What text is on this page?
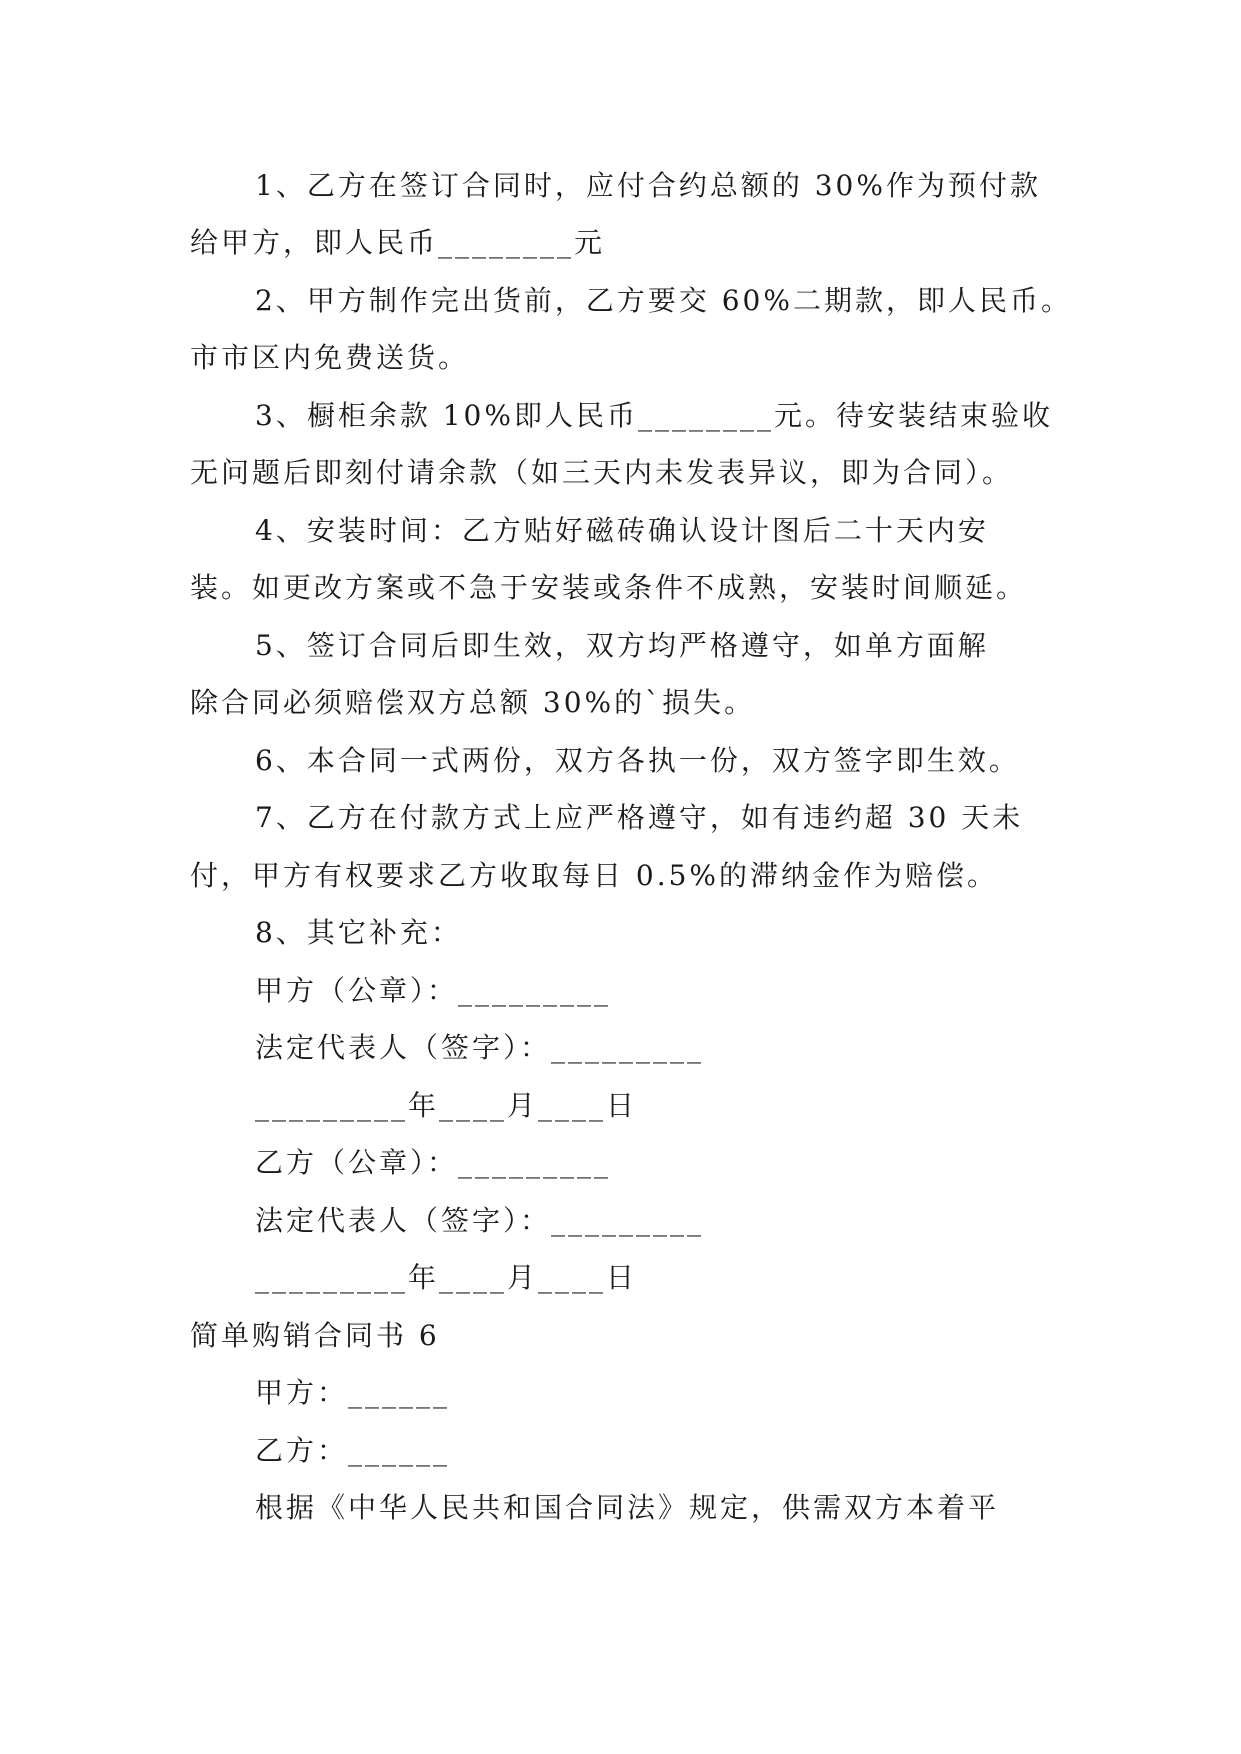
1、乙方在签订合同时，应付合约总额的 30%作为预付款
给甲方，即人民币________元
2、甲方制作完出货前，乙方要交 60%二期款，即人民币。
市市区内免费送货。
3、橱柜余款 10%即人民币________元。待安装结束验收
无问题后即刻付请余款（如三天内未发表异议，即为合同）。
4、安装时间：乙方贴好磁砖确认设计图后二十天内安
装。如更改方案或不急于安装或条件不成熟，安装时间顺延。
5、签订合同后即生效，双方均严格遵守，如单方面解
除合同必须赔偿双方总额 30%的`损失。
6、本合同一式两份，双方各执一份，双方签字即生效。
7、乙方在付款方式上应严格遵守，如有违约超 30 天未
付，甲方有权要求乙方收取每日 0.5%的滞纳金作为赔偿。
8、其它补充：
甲方（公章）：_________
法定代表人（签字）：_________
_________年____月____日
乙方（公章）：_________
法定代表人（签字）：_________
_________年____月____日
简单购销合同书 6
甲方：______
乙方：______
根据《中华人民共和国合同法》规定，供需双方本着平
